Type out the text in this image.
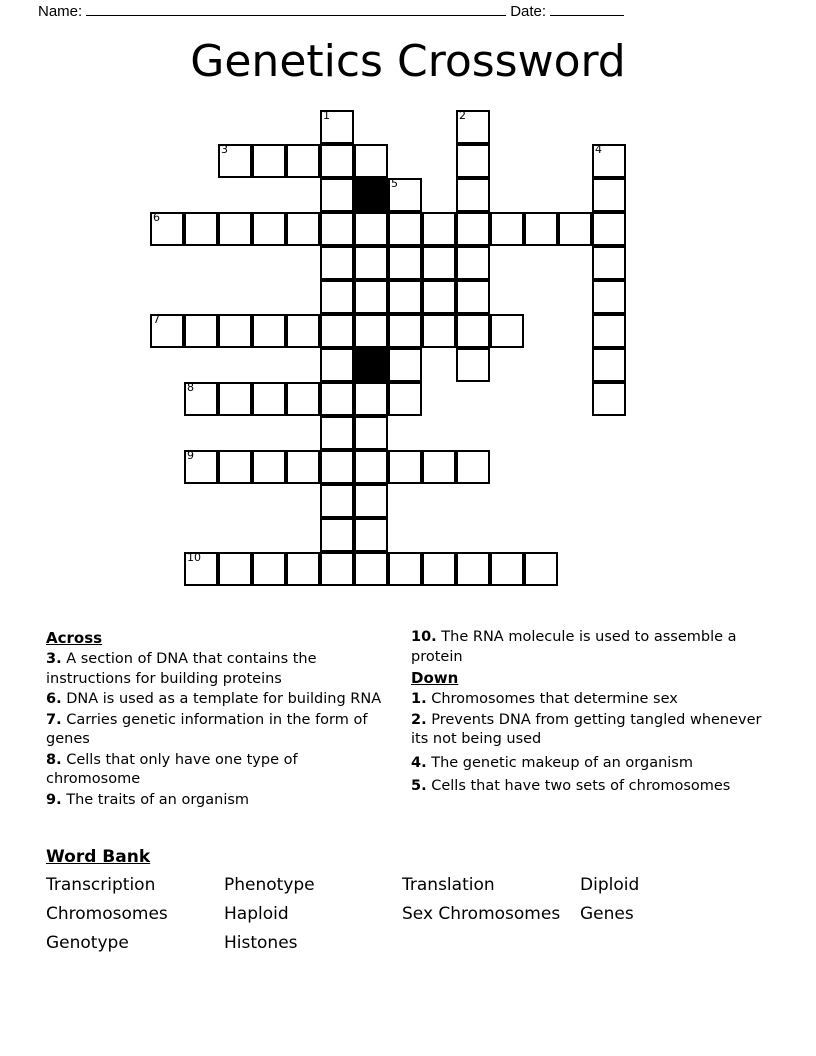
Name:	Date:
Genetics Crossword
1	2
3	4
5
6
7
8
9
10
Across
3. A section of DNA that contains the instructions for building proteins
6. DNA is used as a template for building RNA
7. Carries genetic information in the form of genes
8. Cells that only have one type of chromosome
9. The traits of an organism
10. The RNA molecule is used to assemble a protein
Down
1. Chromosomes that determine sex
2. Prevents DNA from getting tangled whenever its not being used
4. The genetic makeup of an organism
5. Cells that have two sets of chromosomes
Word Bank
Transcription	Phenotype	Translation	Diploid
Chromosomes	Haploid	Sex Chromosomes	Genes
Genotype	Histones
